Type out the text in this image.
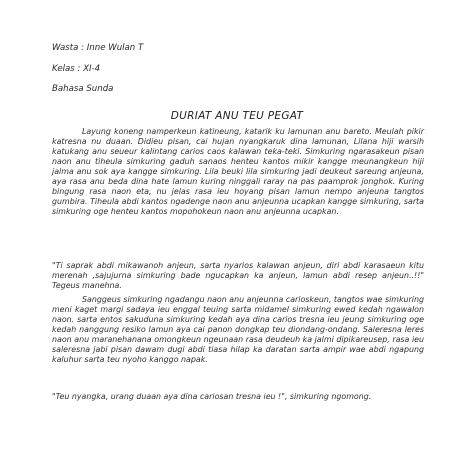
Wasta : Inne Wulan T
Kelas : XI-4
Bahasa Sunda
DURIAT ANU TEU PEGAT

Layung koneng namperkeun katineung, katarik ku lamunan anu bareto. Meulah pikir katresna nu duaan. Didieu pisan, cai hujan nyangkaruk dina lamunan, Lilana hiji warsih katukang anu seueur kalintang carios caos kalawan teka-teki. Simkuring ngarasakeun pisan naon anu tiheula simkuring gaduh sanaos henteu kantos mikir kangge meunangkeun hiji jalma anu sok aya kangge simkuring. Lila beuki lila simkuring jadi deukeut sareung anjeuna, aya rasa anu beda dina hate lamun kuring ninggali raray na pas paamprok jonghok. Kuring bingung rasa naon eta, nu jelas rasa ieu hoyang pisan lamun nempo anjeuna tangtos gumbira. Tiheula abdi kantos ngadenge naon anu anjeunna ucapkan kangge simkuring, sarta simkuring oge henteu kantos mopohokeun naon anu anjeunna ucapkan.

"Ti saprak abdi mikawanoh anjeun, sarta nyarios kalawan anjeun, diri abdi karasaeun kitu merenah ,sajujurna simkuring bade ngucapkan ka anjeun, lamun abdi resep anjeun..!!" Tegeus manehna.

Sanggeus simkuring ngadangu naon anu anjeunna carioskeun, tangtos wae simkuring meni kaget margi sadaya ieu enggal teuing sarta midamel simkuring ewed kedah ngawalon naon. sarta entos sakuduna simkuring kedah aya dina carios tresna ieu jeung simkuring oge kedah nanggung resiko lamun aya cai panon dongkap teu diondang-ondang. Saleresna leres naon anu maranehanana omongkeun ngeunaan rasa deudeuh ka jalmi dipikareusep, rasa ieu saleresna jabi pisan dawam dugi abdi tiasa hilap ka daratan sarta ampir wae abdi ngapung kaluhur sarta teu nyoho kanggo napak.

"Teu nyangka, urang duaan aya dina cariosan tresna ieu !", simkuring ngomong.
